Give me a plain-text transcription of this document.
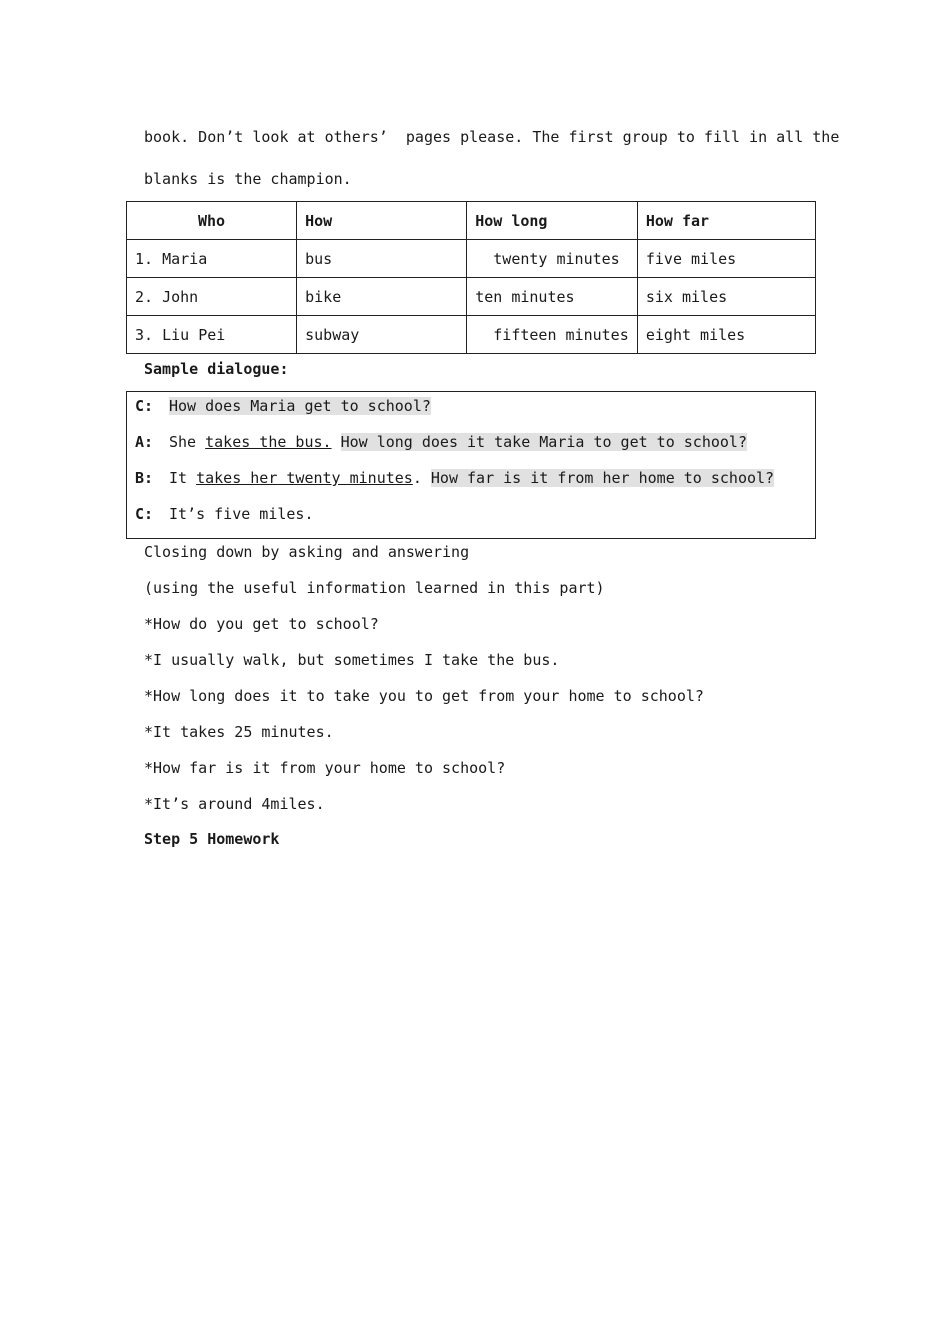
book. Don’t look at others’  pages please. The first group to fill in all the
blanks is the champion.
Who	How	How long	How far
1. Maria	bus	twenty minutes	five miles
2. John	bike	ten minutes	six miles
3. Liu Pei	subway	fifteen minutes	eight miles
Sample dialogue:
C: How does Maria get to school?
A: She takes the bus. How long does it take Maria to get to school?
B: It takes her twenty minutes. How far is it from her home to school?
C: It’s five miles.
Closing down by asking and answering
(using the useful information learned in this part)
*How do you get to school?
*I usually walk, but sometimes I take the bus.
*How long does it to take you to get from your home to school?
*It takes 25 minutes.
*How far is it from your home to school?
*It’s around 4miles.
Step 5 Homework
